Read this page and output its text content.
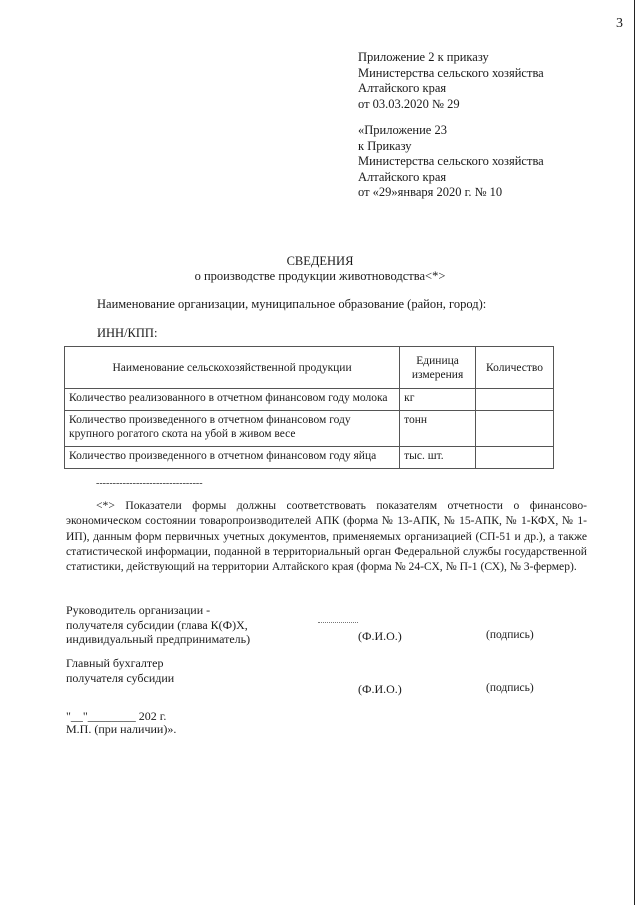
3
Приложение 2 к приказу
Министерства сельского хозяйства
Алтайского края
от 03.03.2020 № 29
«Приложение 23
к Приказу
Министерства сельского хозяйства
Алтайского края
от «29»января 2020 г. № 10
СВЕДЕНИЯ
о производстве продукции животноводства<*>
Наименование организации, муниципальное образование (район, город):
ИНН/КПП:
Наименование сельскохозяйственной продукции	Единица измерения	Количество
Количество реализованного в отчетном финансовом году молока	кг	
Количество произведенного в отчетном финансовом году крупного рогатого скота на убой в живом весе	тонн	
Количество произведенного в отчетном финансовом году яйца	тыс. шт.	
--------------------------------
<*> Показатели формы должны соответствовать показателям отчетности о финансово-экономическом состоянии товаропроизводителей АПК (форма № 13-АПК, № 15-АПК, № 1-КФХ, № 1-ИП), данным форм первичных учетных документов, применяемых организацией (СП-51 и др.), а также статистической информации, поданной в территориальный орган Федеральной службы государственной статистики, действующий на территории Алтайского края (форма № 24-СХ, № П-1 (СХ), № 3-фермер).
Руководитель организации -
получателя субсидии (глава К(Ф)Х,
индивидуальный предприниматель)	(Ф.И.О.)	(подпись)
Главный бухгалтер
получателя субсидии
(Ф.И.О.)	(подпись)
"__"________ 202 г.
М.П. (при наличии)».
